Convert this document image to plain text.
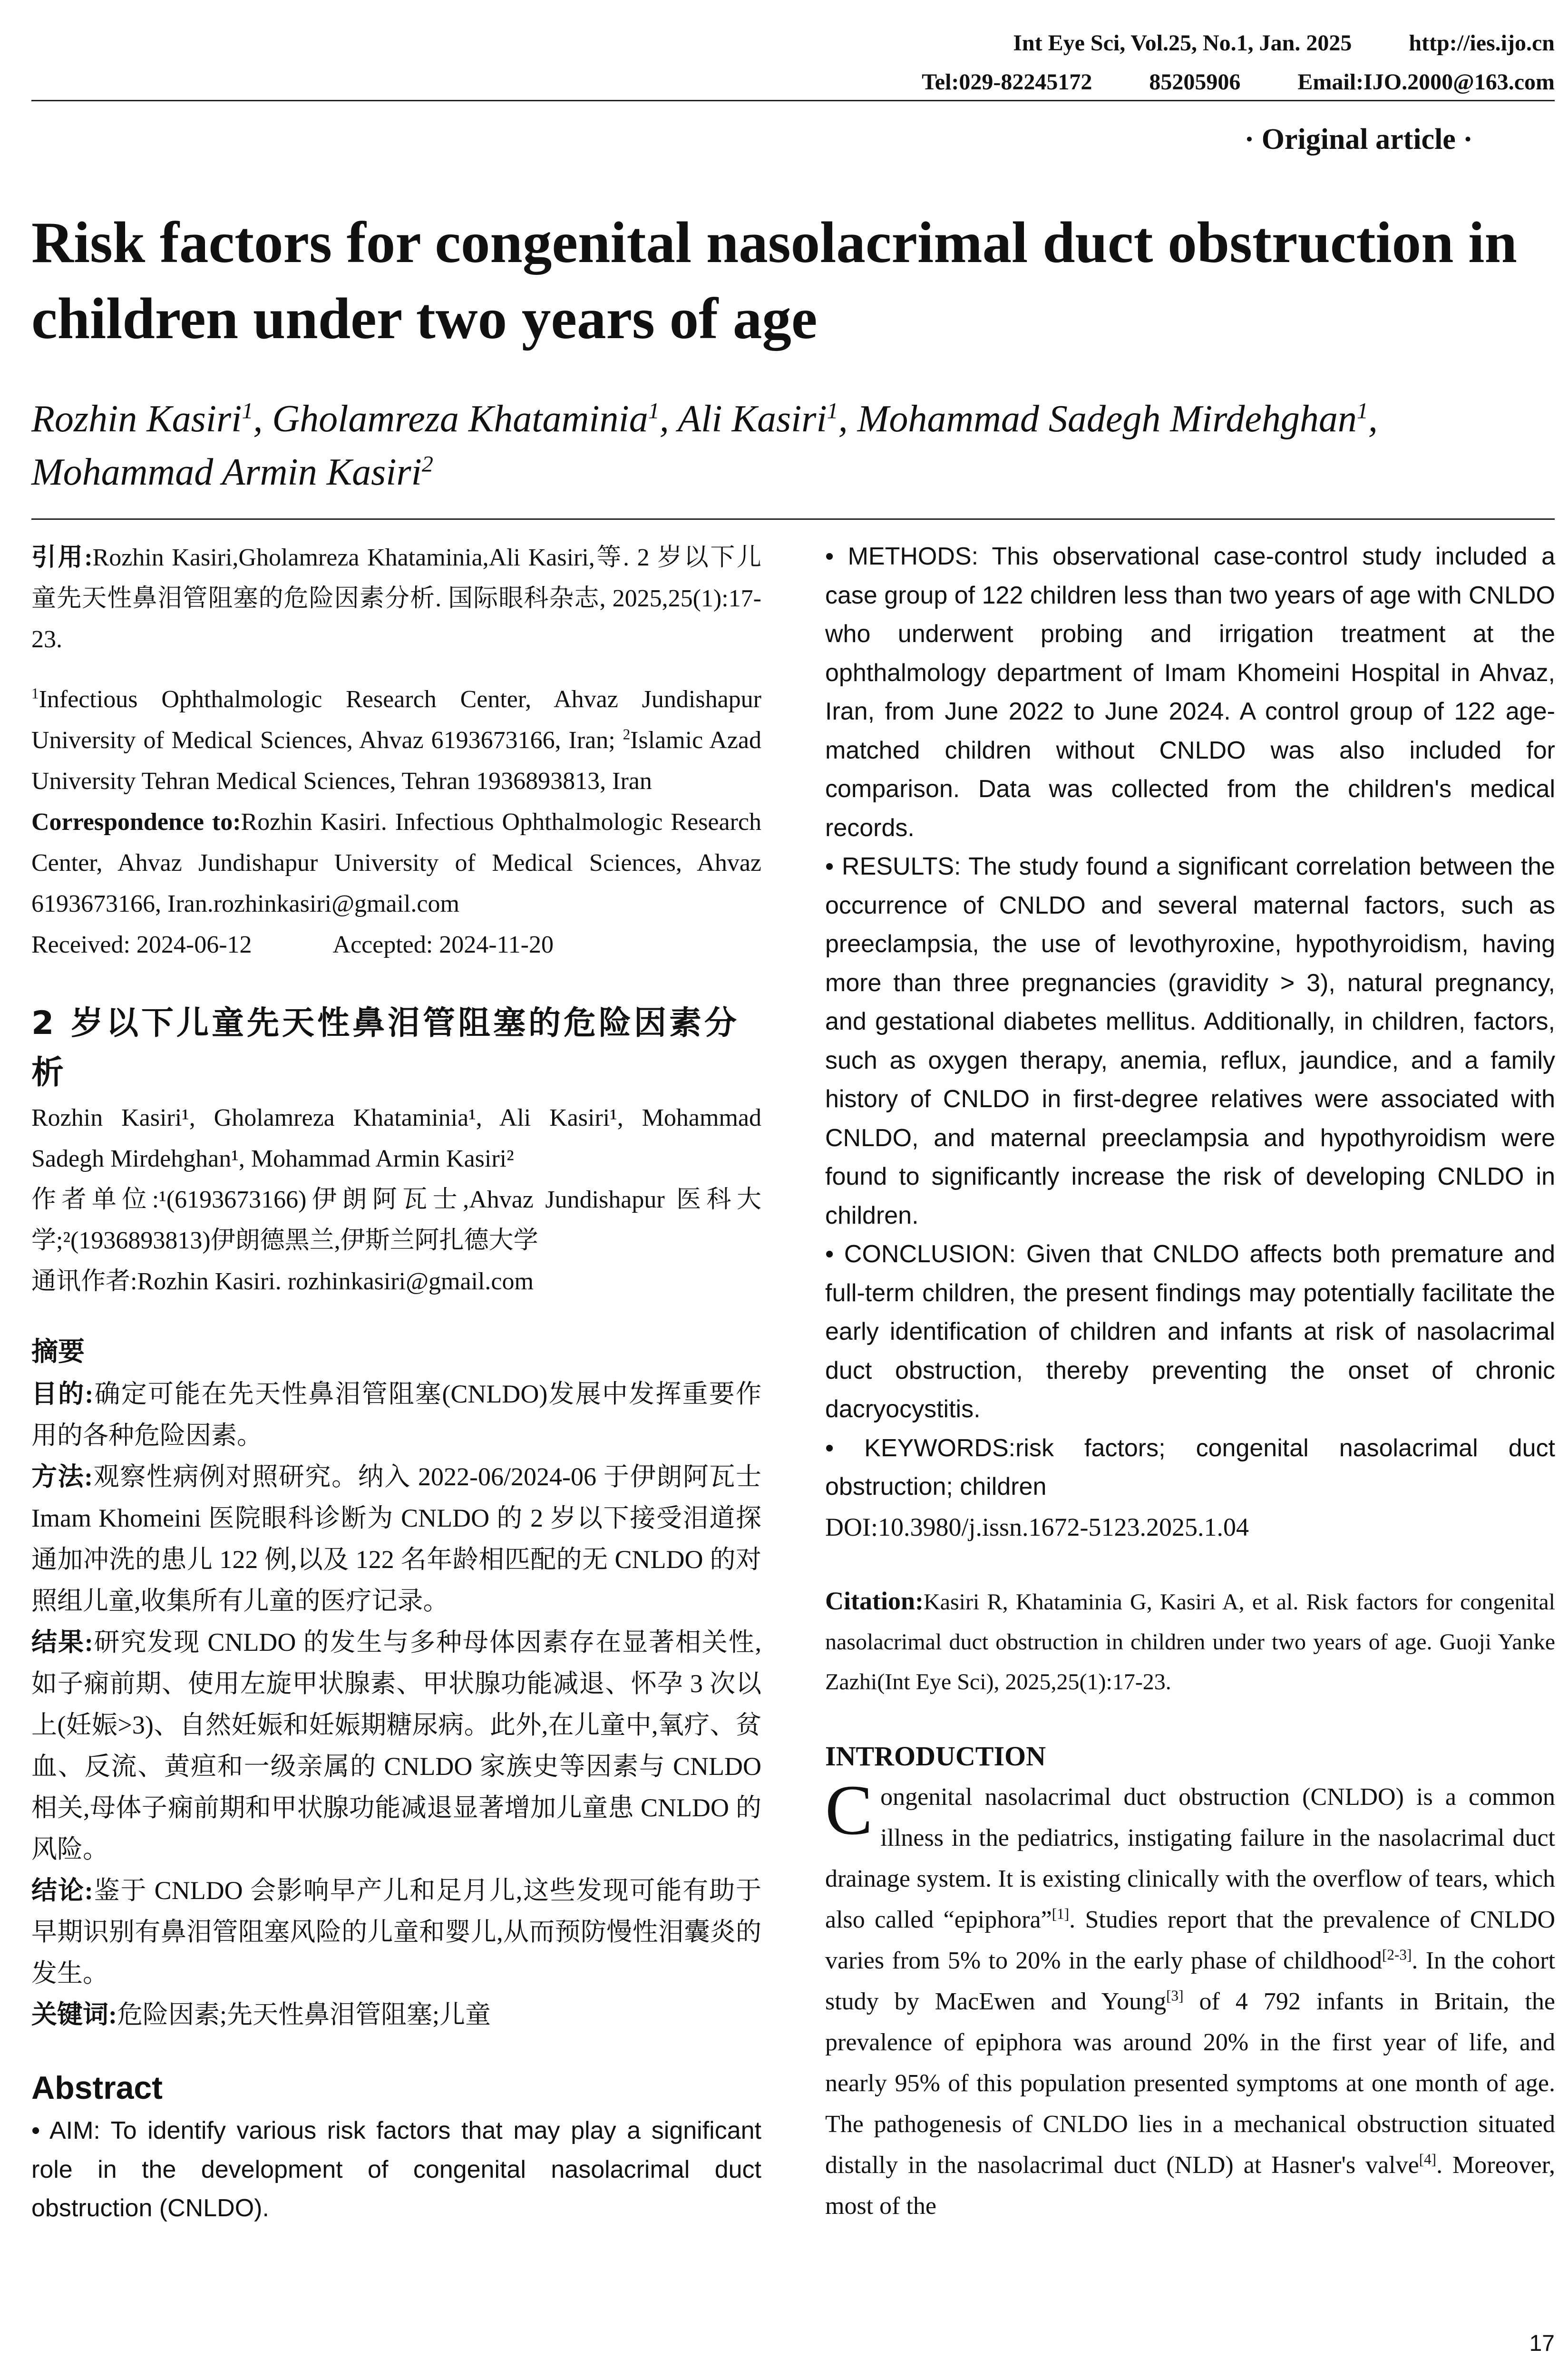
Int Eye Sci, Vol.25, No.1, Jan. 2025	http://ies.ijo.cn
Tel:029-82245172	85205906	Email:IJO.2000@163.com
· Original article ·
Risk factors for congenital nasolacrimal duct obstruction in children under two years of age
Rozhin Kasiri$^1$, Gholamreza Khataminia$^1$, Ali Kasiri$^1$, Mohammad Sadegh Mirdehghan$^1$, Mohammad Armin Kasiri$^2$

引用:Rozhin Kasiri,Gholamreza Khataminia,Ali Kasiri,等. 2 岁以下儿童先天性鼻泪管阻塞的危险因素分析. 国际眼科杂志, 2025,25(1):17-23.

$^1$Infectious Ophthalmologic Research Center, Ahvaz Jundishapur University of Medical Sciences, Ahvaz 6193673166, Iran; $^2$Islamic Azad University Tehran Medical Sciences, Tehran 1936893813, Iran

Correspondence to:Rozhin Kasiri. Infectious Ophthalmologic Research Center, Ahvaz Jundishapur University of Medical Sciences, Ahvaz 6193673166, Iran.rozhinkasiri@gmail.com

Received: 2024-06-12	Accepted: 2024-11-20

2 岁以下儿童先天性鼻泪管阻塞的危险因素分析

Rozhin Kasiri¹, Gholamreza Khataminia¹, Ali Kasiri¹, Mohammad Sadegh Mirdehghan¹, Mohammad Armin Kasiri²

作者单位:¹(6193673166)伊朗阿瓦士,Ahvaz Jundishapur 医科大学;²(1936893813)伊朗德黑兰,伊斯兰阿扎德大学

通讯作者:Rozhin Kasiri. rozhinkasiri@gmail.com

摘要

目的:确定可能在先天性鼻泪管阻塞(CNLDO)发展中发挥重要作用的各种危险因素。

方法:观察性病例对照研究。纳入 2022-06/2024-06 于伊朗阿瓦士 Imam Khomeini 医院眼科诊断为 CNLDO 的 2 岁以下接受泪道探通加冲洗的患儿 122 例,以及 122 名年龄相匹配的无 CNLDO 的对照组儿童,收集所有儿童的医疗记录。

结果:研究发现 CNLDO 的发生与多种母体因素存在显著相关性,如子痫前期、使用左旋甲状腺素、甲状腺功能减退、怀孕 3 次以上(妊娠>3)、自然妊娠和妊娠期糖尿病。此外,在儿童中,氧疗、贫血、反流、黄疸和一级亲属的 CNLDO 家族史等因素与 CNLDO 相关,母体子痫前期和甲状腺功能减退显著增加儿童患 CNLDO 的风险。

结论:鉴于 CNLDO 会影响早产儿和足月儿,这些发现可能有助于早期识别有鼻泪管阻塞风险的儿童和婴儿,从而预防慢性泪囊炎的发生。

关键词:危险因素;先天性鼻泪管阻塞;儿童

Abstract

• AIM: To identify various risk factors that may play a significant role in the development of congenital nasolacrimal duct obstruction (CNLDO).

• METHODS: This observational case-control study included a case group of 122 children less than two years of age with CNLDO who underwent probing and irrigation treatment at the ophthalmology department of Imam Khomeini Hospital in Ahvaz, Iran, from June 2022 to June 2024. A control group of 122 age-matched children without CNLDO was also included for comparison. Data was collected from the children's medical records.

• RESULTS: The study found a significant correlation between the occurrence of CNLDO and several maternal factors, such as preeclampsia, the use of levothyroxine, hypothyroidism, having more than three pregnancies (gravidity > 3), natural pregnancy, and gestational diabetes mellitus. Additionally, in children, factors, such as oxygen therapy, anemia, reflux, jaundice, and a family history of CNLDO in first-degree relatives were associated with CNLDO, and maternal preeclampsia and hypothyroidism were found to significantly increase the risk of developing CNLDO in children.

• CONCLUSION: Given that CNLDO affects both premature and full-term children, the present findings may potentially facilitate the early identification of children and infants at risk of nasolacrimal duct obstruction, thereby preventing the onset of chronic dacryocystitis.

• KEYWORDS:risk factors; congenital nasolacrimal duct obstruction; children

DOI:10.3980/j.issn.1672-5123.2025.1.04

Citation:Kasiri R, Khataminia G, Kasiri A, et al. Risk factors for congenital nasolacrimal duct obstruction in children under two years of age. Guoji Yanke Zazhi(Int Eye Sci), 2025,25(1):17-23.

INTRODUCTION

Congenital nasolacrimal duct obstruction (CNLDO) is a common illness in the pediatrics, instigating failure in the nasolacrimal duct drainage system. It is existing clinically with the overflow of tears, which also called “epiphora”[1]. Studies report that the prevalence of CNLDO varies from 5% to 20% in the early phase of childhood[2-3]. In the cohort study by MacEwen and Young[3] of 4 792 infants in Britain, the prevalence of epiphora was around 20% in the first year of life, and nearly 95% of this population presented symptoms at one month of age. The pathogenesis of CNLDO lies in a mechanical obstruction situated distally in the nasolacrimal duct (NLD) at Hasner's valve[4]. Moreover, most of the

17
